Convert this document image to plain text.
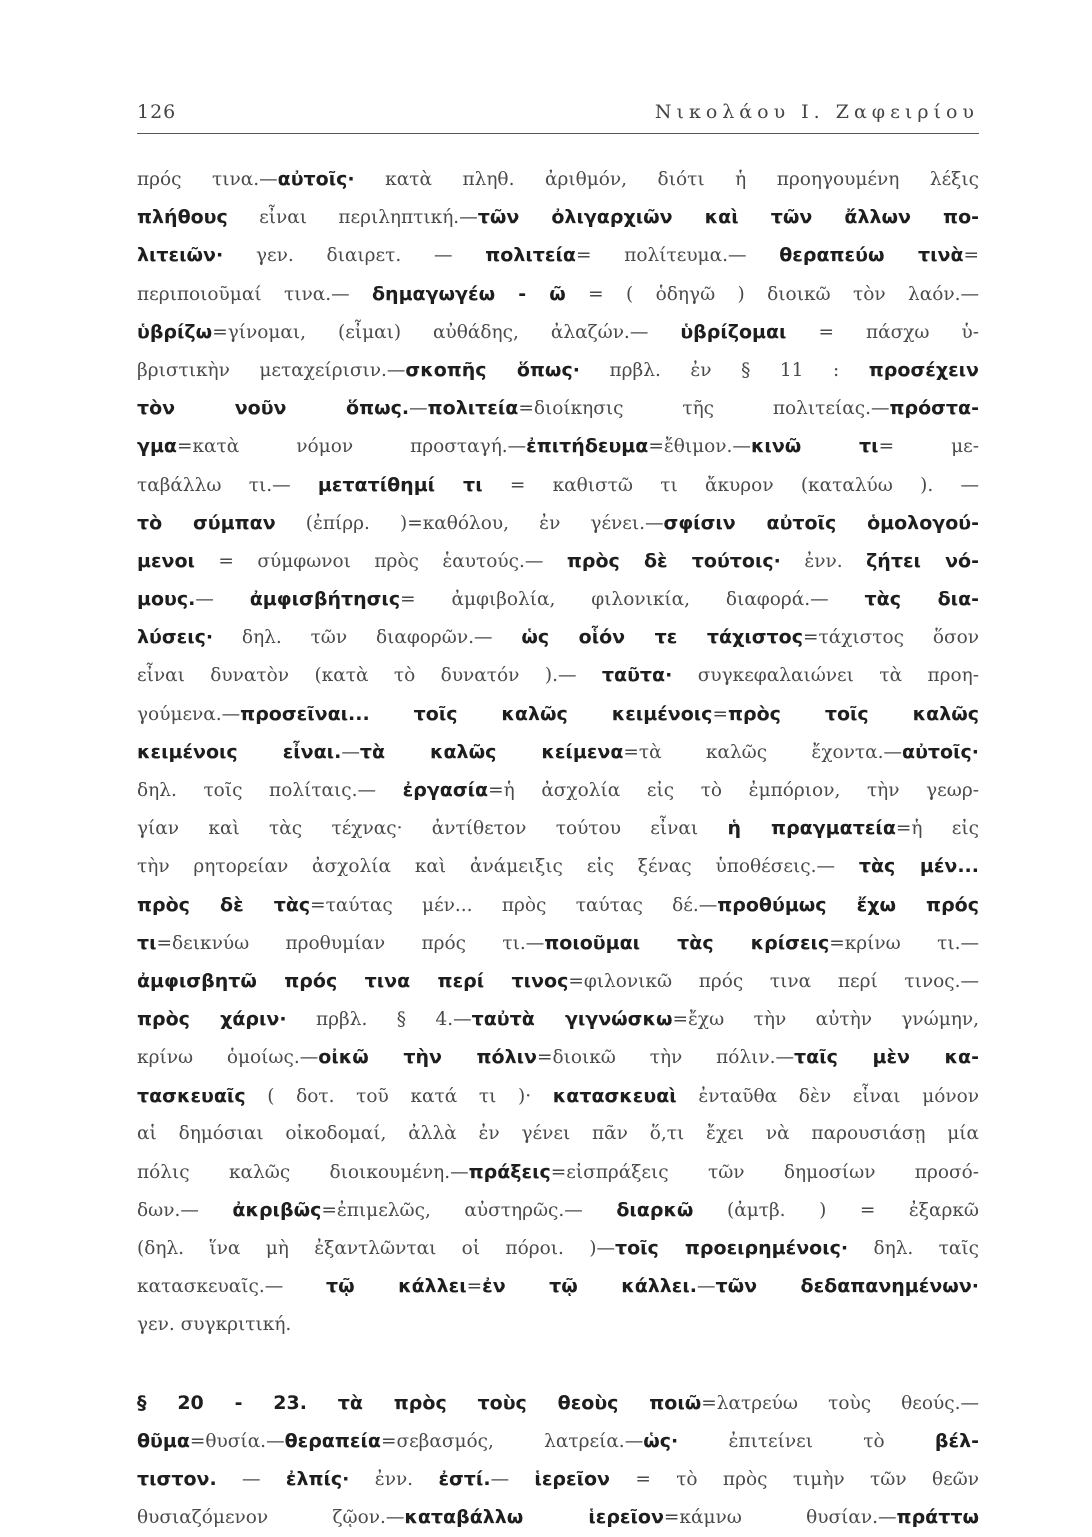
126	Νικολάου Ι. Ζαφειρίου
πρός τινα.—αὐτοῖς· κατὰ πληθ. ἀριθμόν, διότι ἡ προηγουμένη λέξις
πλήθους εἶναι περιληπτική.—τῶν ὀλιγαρχιῶν καὶ τῶν ἄλλων πο-
λιτειῶν· γεν. διαιρετ. — πολιτεία= πολίτευμα.— θεραπεύω τινὰ=
περιποιοῦμαί τινα.— δημαγωγέω - ῶ = ( ὁδηγῶ ) διοικῶ τὸν λαόν.—
ὑβρίζω=γίνομαι, (εἶμαι) αὐθάδης, ἀλαζών.— ὑβρίζομαι = πάσχω ὑ-
βριστικὴν μεταχείρισιν.—σκοπῆς ὅπως· πρβλ. ἐν § 11 : προσέχειν
τὸν νοῦν ὅπως.—πολιτεία=διοίκησις τῆς πολιτείας.—πρόστα-
γμα=κατὰ νόμον προσταγή.—ἐπιτήδευμα=ἔθιμον.—κινῶ τι= με-
ταβάλλω τι.— μετατίθημί τι = καθιστῶ τι ἄκυρον (καταλύω ). —
τὸ σύμπαν (ἐπίρρ. )=καθόλου, ἐν γένει.—σφίσιν αὐτοῖς ὁμολογού-
μενοι = σύμφωνοι πρὸς ἑαυτούς.— πρὸς δὲ τούτοις· ἐνν. ζήτει νό-
μους.— ἀμφισβήτησις= ἀμφιβολία, φιλονικία, διαφορά.— τὰς δια-
λύσεις· δηλ. τῶν διαφορῶν.— ὡς οἷόν τε τάχιστος=τάχιστος ὅσον
εἶναι δυνατὸν (κατὰ τὸ δυνατόν ).— ταῦτα· συγκεφαλαιώνει τὰ προη-
γούμενα.—προσεῖναι... τοῖς καλῶς κειμένοις=πρὸς τοῖς καλῶς
κειμένοις εἶναι.—τὰ καλῶς κείμενα=τὰ καλῶς ἔχοντα.—αὐτοῖς·
δηλ. τοῖς πολίταις.— ἐργασία=ἡ ἀσχολία εἰς τὸ ἐμπόριον, τὴν γεωρ-
γίαν καὶ τὰς τέχνας· ἀντίθετον τούτου εἶναι ἡ πραγματεία=ἡ εἰς
τὴν ρητορείαν ἀσχολία καὶ ἀνάμειξις εἰς ξένας ὑποθέσεις.— τὰς μέν...
πρὸς δὲ τὰς=ταύτας μέν... πρὸς ταύτας δέ.—προθύμως ἔχω πρός
τι=δεικνύω προθυμίαν πρός τι.—ποιοῦμαι τὰς κρίσεις=κρίνω τι.—
ἀμφισβητῶ πρός τινα περί τινος=φιλονικῶ πρός τινα περί τινος.—
πρὸς χάριν· πρβλ. § 4.—ταὐτὰ γιγνώσκω=ἔχω τὴν αὐτὴν γνώμην,
κρίνω ὁμοίως.—οἰκῶ τὴν πόλιν=διοικῶ τὴν πόλιν.—ταῖς μὲν κα-
τασκευαῖς ( δοτ. τοῦ κατά τι )· κατασκευαὶ ἐνταῦθα δὲν εἶναι μόνον
αἱ δημόσιαι οἰκοδομαί, ἀλλὰ ἐν γένει πᾶν ὅ,τι ἔχει νὰ παρουσιάσῃ μία
πόλις καλῶς διοικουμένη.—πράξεις=εἰσπράξεις τῶν δημοσίων προσό-
δων.— ἀκριβῶς=ἐπιμελῶς, αὐστηρῶς.— διαρκῶ (ἀμτβ. ) = ἐξαρκῶ
(δηλ. ἵνα μὴ ἐξαντλῶνται οἱ πόροι. )—τοῖς προειρημένοις· δηλ. ταῖς
κατασκευαῖς.— τῷ κάλλει=ἐν τῷ κάλλει.—τῶν δεδαπανημένων·
γεν. συγκριτική.
§ 20 - 23. τὰ πρὸς τοὺς θεοὺς ποιῶ=λατρεύω τοὺς θεούς.—
θῦμα=θυσία.—θεραπεία=σεβασμός, λατρεία.—ὡς· ἐπιτείνει τὸ βέλ-
τιστον. — ἐλπίς· ἐνν. ἐστί.— ἱερεῖον = τὸ πρὸς τιμὴν τῶν θεῶν
θυσιαζόμενον ζῷον.—καταβάλλω ἱερεῖον=κάμνω θυσίαν.—πράττω
